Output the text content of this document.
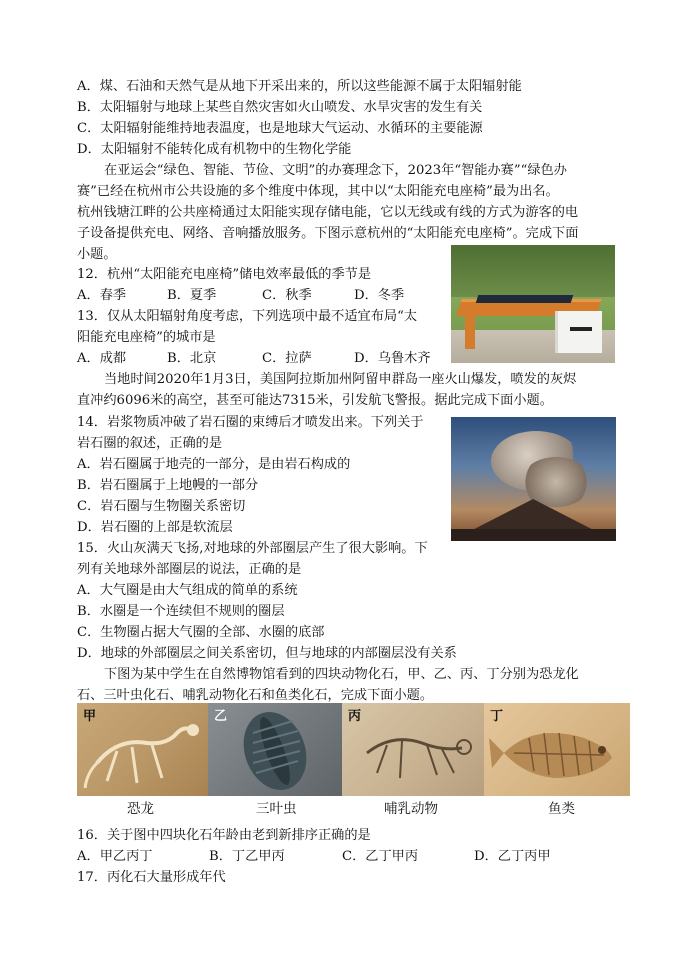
A．煤、石油和天然气是从地下开采出来的，所以这些能源不属于太阳辐射能
B．太阳辐射与地球上某些自然灾害如火山喷发、水旱灾害的发生有关
C．太阳辐射能维持地表温度，也是地球大气运动、水循环的主要能源
D．太阳辐射不能转化成有机物中的生物化学能
在亚运会“绿色、智能、节俭、文明”的办赛理念下，2023年“智能办赛”“绿色办
赛”已经在杭州市公共设施的多个维度中体现，其中以“太阳能充电座椅”最为出名。
杭州钱塘江畔的公共座椅通过太阳能实现存储电能，它以无线或有线的方式为游客的电
子设备提供充电、网络、音响播放服务。下图示意杭州的“太阳能充电座椅”。完成下面
小题。
12．杭州“太阳能充电座椅”储电效率最低的季节是
A．春季	B．夏季	C．秋季	D．冬季
13．仅从太阳辐射角度考虑，下列选项中最不适宜布局“太
阳能充电座椅”的城市是
A．成都	B．北京	C．拉萨	D．乌鲁木齐
当地时间2020年1月3日，美国阿拉斯加州阿留申群岛一座火山爆发，喷发的灰烬
直冲约6096米的高空，甚至可能达7315米，引发航飞警报。据此完成下面小题。
14．岩浆物质冲破了岩石圈的束缚后才喷发出来。下列关于
岩石圈的叙述，正确的是
A．岩石圈属于地壳的一部分，是由岩石构成的
B．岩石圈属于上地幔的一部分
C．岩石圈与生物圈关系密切
D．岩石圈的上部是软流层
15．火山灰满天飞扬,对地球的外部圈层产生了很大影响。下
列有关地球外部圈层的说法，正确的是
A．大气圈是由大气组成的简单的系统
B．水圈是一个连续但不规则的圈层
C．生物圈占据大气圈的全部、水圈的底部
D．地球的外部圈层之间关系密切，但与地球的内部圈层没有关系
下图为某中学生在自然博物馆看到的四块动物化石，甲、乙、丙、丁分别为恐龙化
石、三叶虫化石、哺乳动物化石和鱼类化石，完成下面小题。
甲	乙	丙	丁
恐龙	三叶虫	哺乳动物	鱼类
16．关于图中四块化石年龄由老到新排序正确的是
A．甲乙丙丁	B．丁乙甲丙	C．乙丁甲丙	D．乙丁丙甲
17．丙化石大量形成年代
